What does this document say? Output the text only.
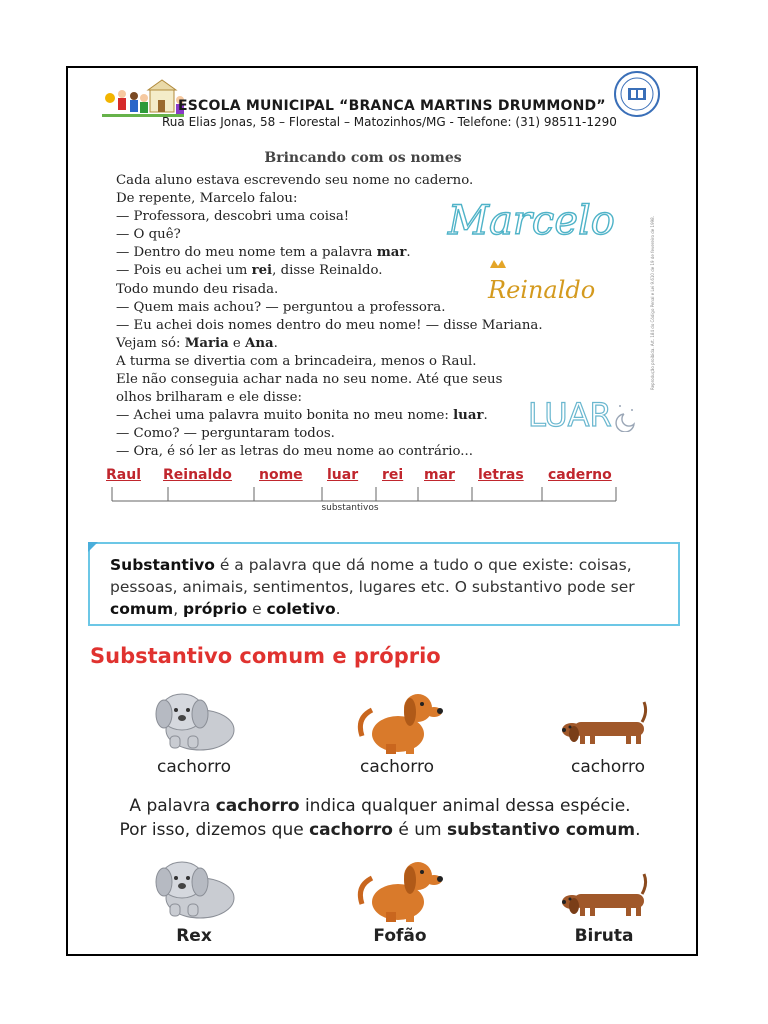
ESCOLA MUNICIPAL “BRANCA MARTINS DRUMMOND”
Rua Elias Jonas, 58 – Florestal – Matozinhos/MG - Telefone: (31) 98511-1290
Brincando com os nomes
Cada aluno estava escrevendo seu nome no caderno.
De repente, Marcelo falou:
— Professora, descobri uma coisa!
— O quê?
— Dentro do meu nome tem a palavra mar.
— Pois eu achei um rei, disse Reinaldo.
Todo mundo deu risada.
— Quem mais achou? — perguntou a professora.
— Eu achei dois nomes dentro do meu nome! — disse Mariana.
Vejam só: Maria e Ana.
A turma se divertia com a brincadeira, menos o Raul.
Ele não conseguia achar nada no seu nome. Até que seus
olhos brilharam e ele disse:
— Achei uma palavra muito bonita no meu nome: luar.
— Como? — perguntaram todos.
— Ora, é só ler as letras do meu nome ao contrário...
Marcelo
Reinaldo
LUAR
Reprodução proibida. Art. 184 do Código Penal e Lei 9.610 de 19 de fevereiro de 1998.
Raul Reinaldo nome luar rei mar letras caderno
substantivos
Substantivo é a palavra que dá nome a tudo o que existe: coisas,
pessoas, animais, sentimentos, lugares etc. O substantivo pode ser
comum, próprio e coletivo.
Substantivo comum e próprio
cachorro	cachorro	cachorro
A palavra cachorro indica qualquer animal dessa espécie.
Por isso, dizemos que cachorro é um substantivo comum.
Rex	Fofão	Biruta
